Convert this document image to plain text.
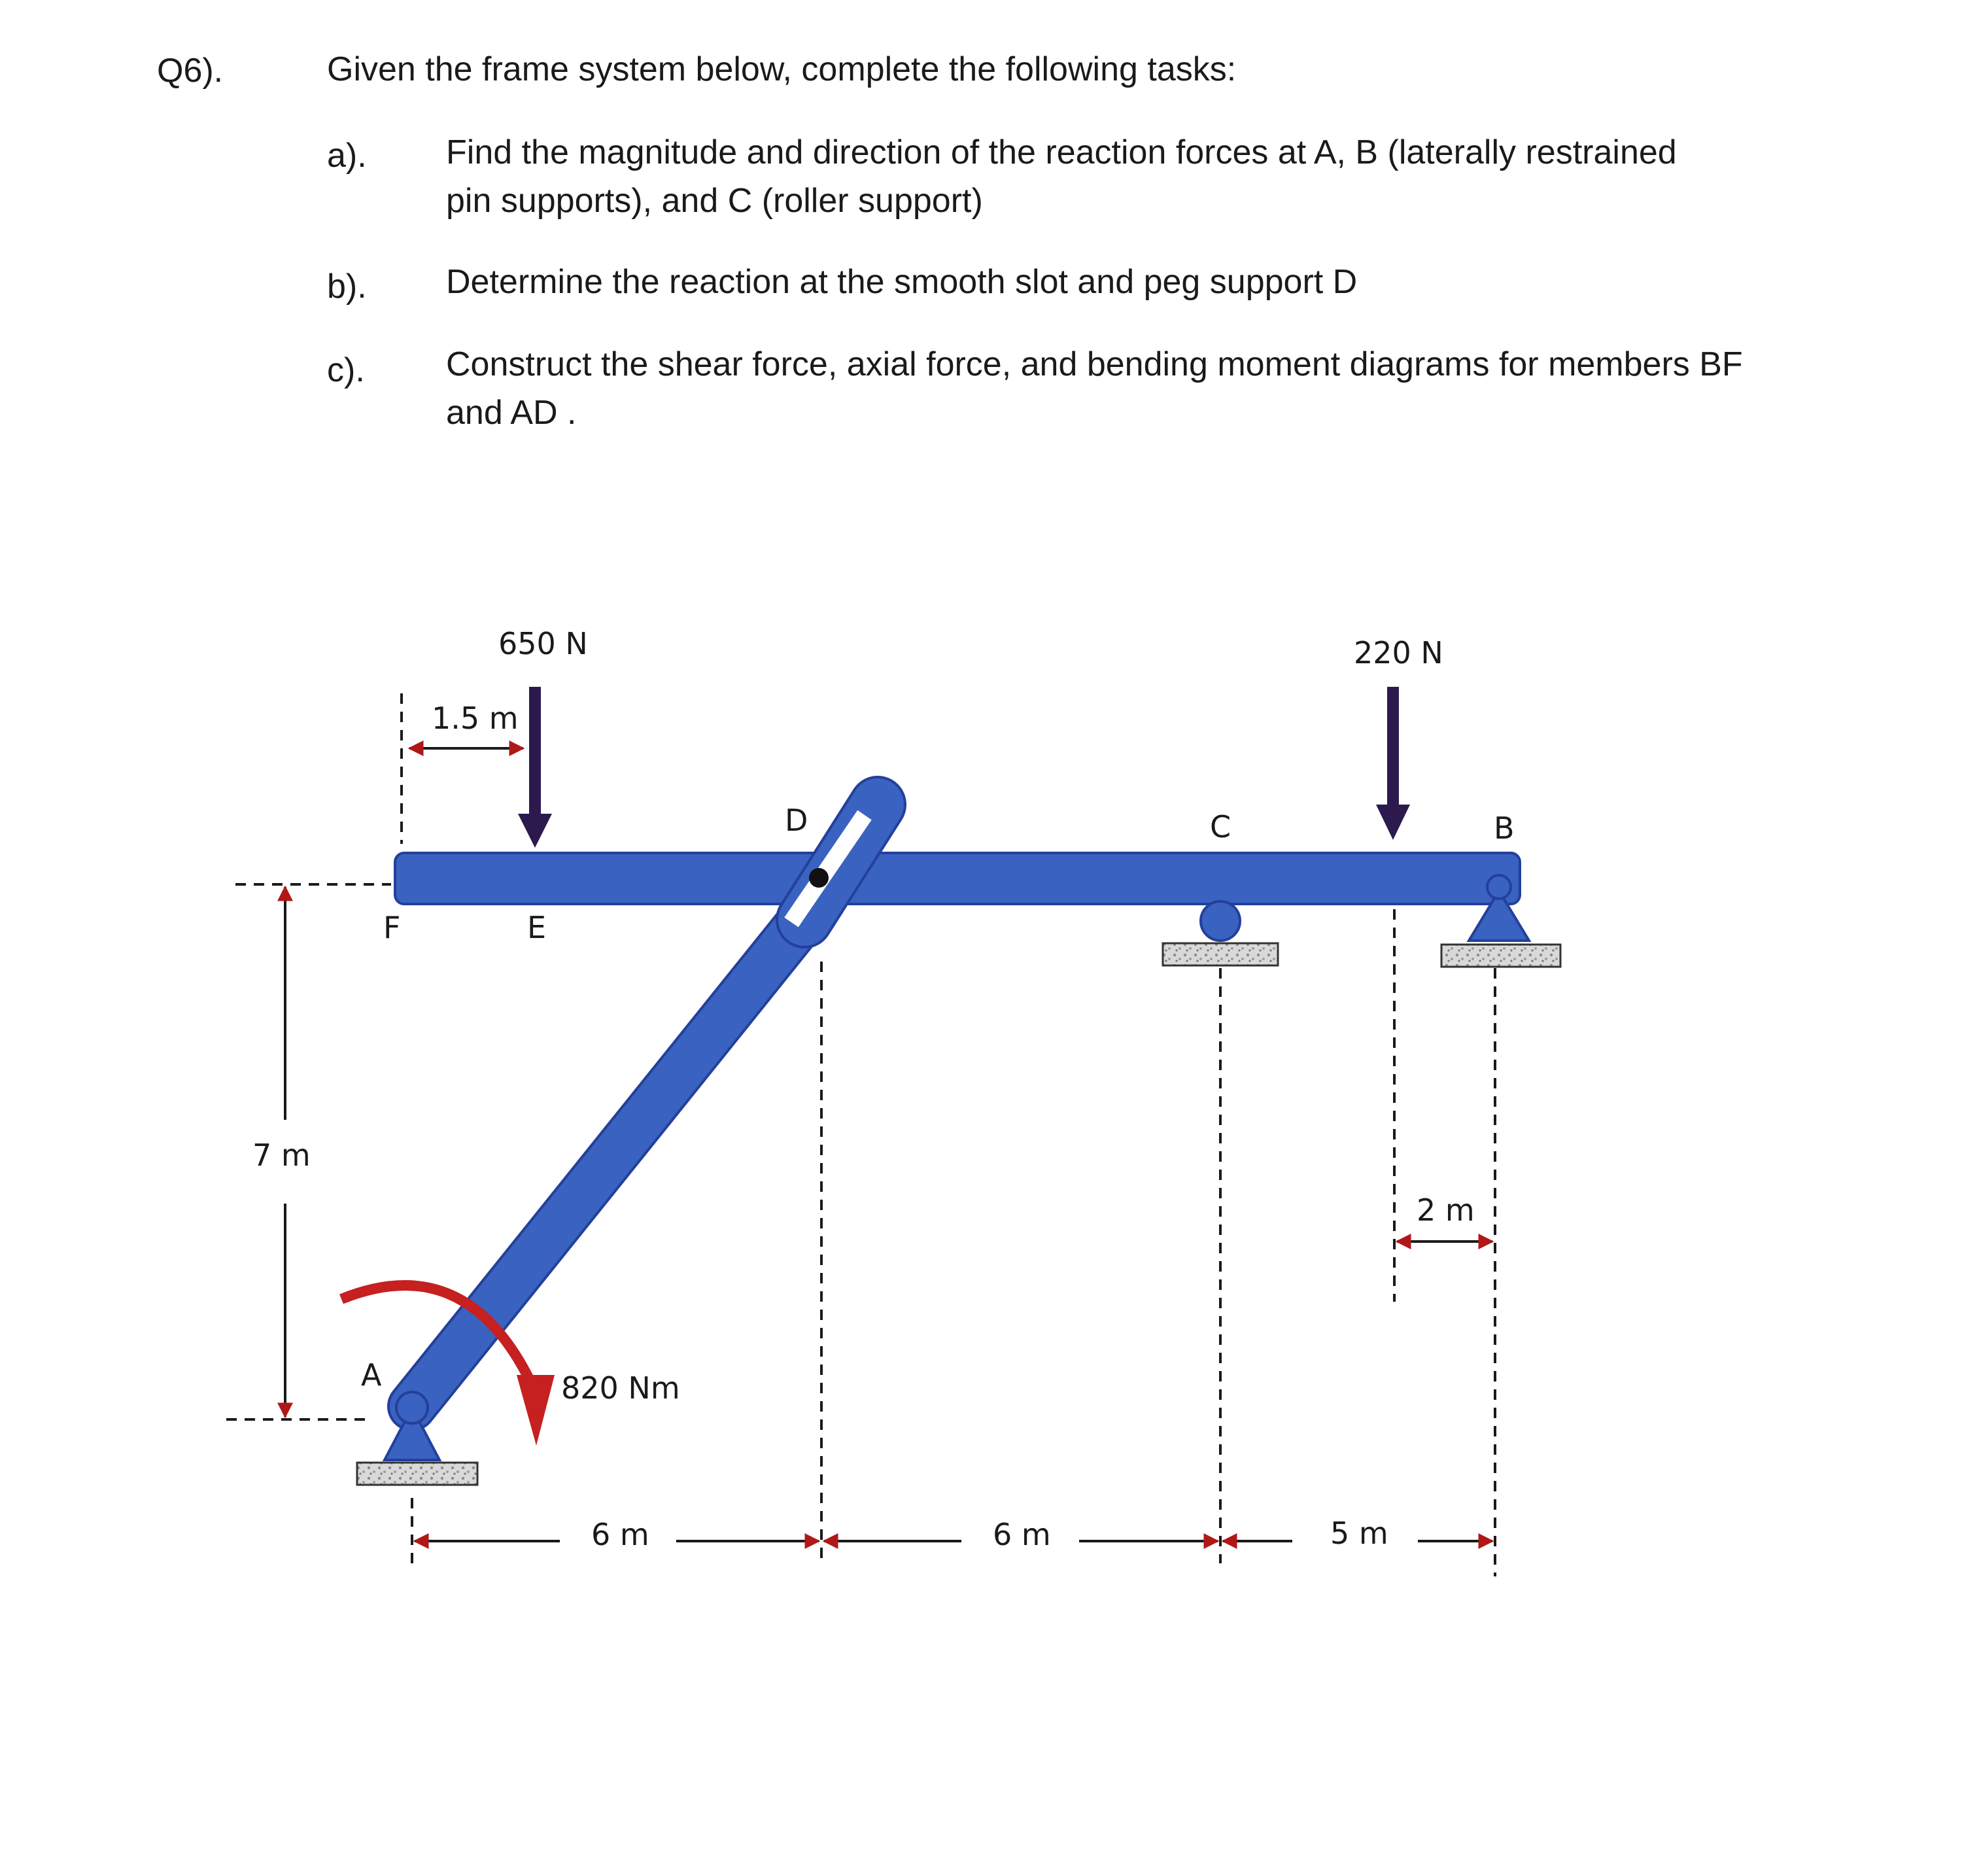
Q6).	Given the frame system below, complete the following tasks:
a). Find the magnitude and direction of the reaction forces at A, B (laterally restrained
pin supports), and C (roller support)
b). Determine the reaction at the smooth slot and peg support D
c). Construct the shear force, axial force, and bending moment diagrams for members BF
and AD .
F	E
D	C	B
A
650 N	220 N
820 Nm
1.5 m
7 m
2 m
6 m	6 m	5 m
